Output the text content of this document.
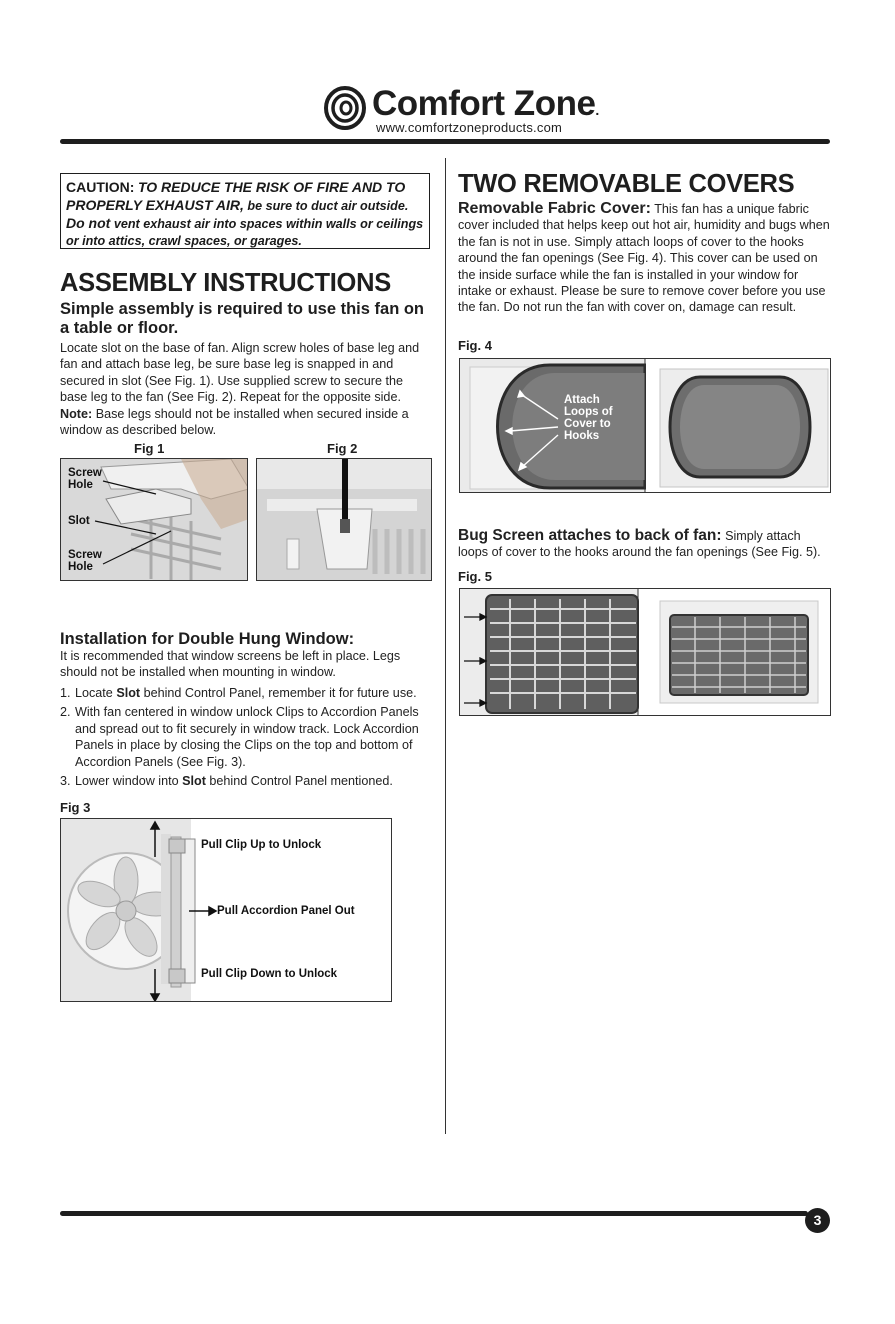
Comfort Zone.
www.comfortzoneproducts.com
CAUTION: TO REDUCE THE RISK OF FIRE AND TO
PROPERLY EXHAUST AIR, be sure to duct air outside.
Do not vent exhaust air into spaces within walls or ceilings
or into attics, crawl spaces, or garages.
ASSEMBLY INSTRUCTIONS
Simple assembly is required to use this fan on a table or floor.
Locate slot on the base of fan. Align screw holes of base leg and fan and attach base leg, be sure base leg is snapped in and secured in slot (See Fig. 1). Use supplied screw to secure the base leg to the fan (See Fig. 2). Repeat for the opposite side. Note: Base legs should not be installed when secured inside a window as described below.
Fig 1	Fig 2
Screw Hole
Slot
Screw Hole
Installation for Double Hung Window:
It is recommended that window screens be left in place. Legs should not be installed when mounting in window.
1. Locate Slot behind Control Panel, remember it for future use.
2. With fan centered in window unlock Clips to Accordion Panels and spread out to fit securely in window track. Lock Accordion Panels in place by closing the Clips on the top and bottom of Accordion Panels (See Fig. 3).
3. Lower window into Slot behind Control Panel mentioned.
Fig 3
Pull Clip Up to Unlock
Pull Accordion Panel Out
Pull Clip Down to Unlock
TWO REMOVABLE COVERS
Removable Fabric Cover: This fan has a unique fabric cover included that helps keep out hot air, humidity and bugs when the fan is not in use. Simply attach loops of cover to the hooks around the fan openings (See Fig. 4). This cover can be used on the inside surface while the fan is installed in your window for intake or exhaust. Please be sure to remove cover before you use the fan. Do not run the fan with cover on, damage can result.
Fig. 4
Attach Loops of Cover to Hooks
Bug Screen attaches to back of fan: Simply attach loops of cover to the hooks around the fan openings (See Fig. 5).
Fig. 5
3
